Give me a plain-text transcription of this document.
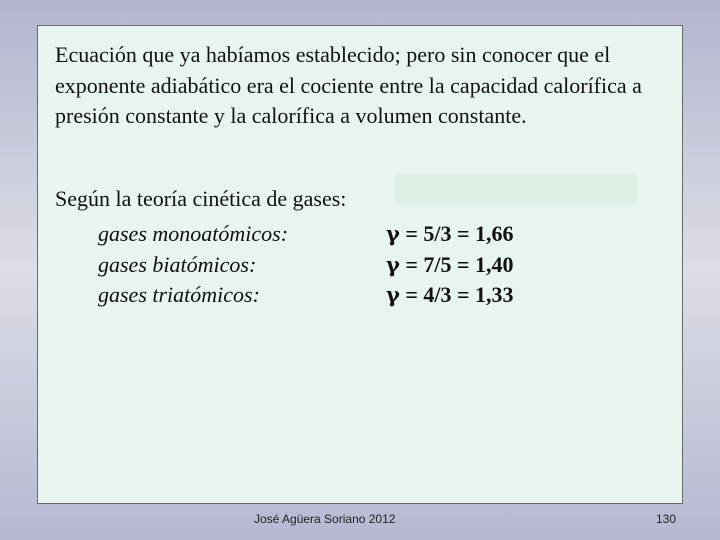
Ecuación que ya habíamos establecido; pero sin conocer que el exponente adiabático era el cociente entre la capacidad calorífica a presión constante y la calorífica a volumen constante.
Según la teoría cinética de gases:
gases monoatómicos:	γ = 5/3 = 1,66
gases biatómicos:	γ = 7/5 = 1,40
gases triatómicos:	γ = 4/3 = 1,33
José Agüera Soriano 2012	130
